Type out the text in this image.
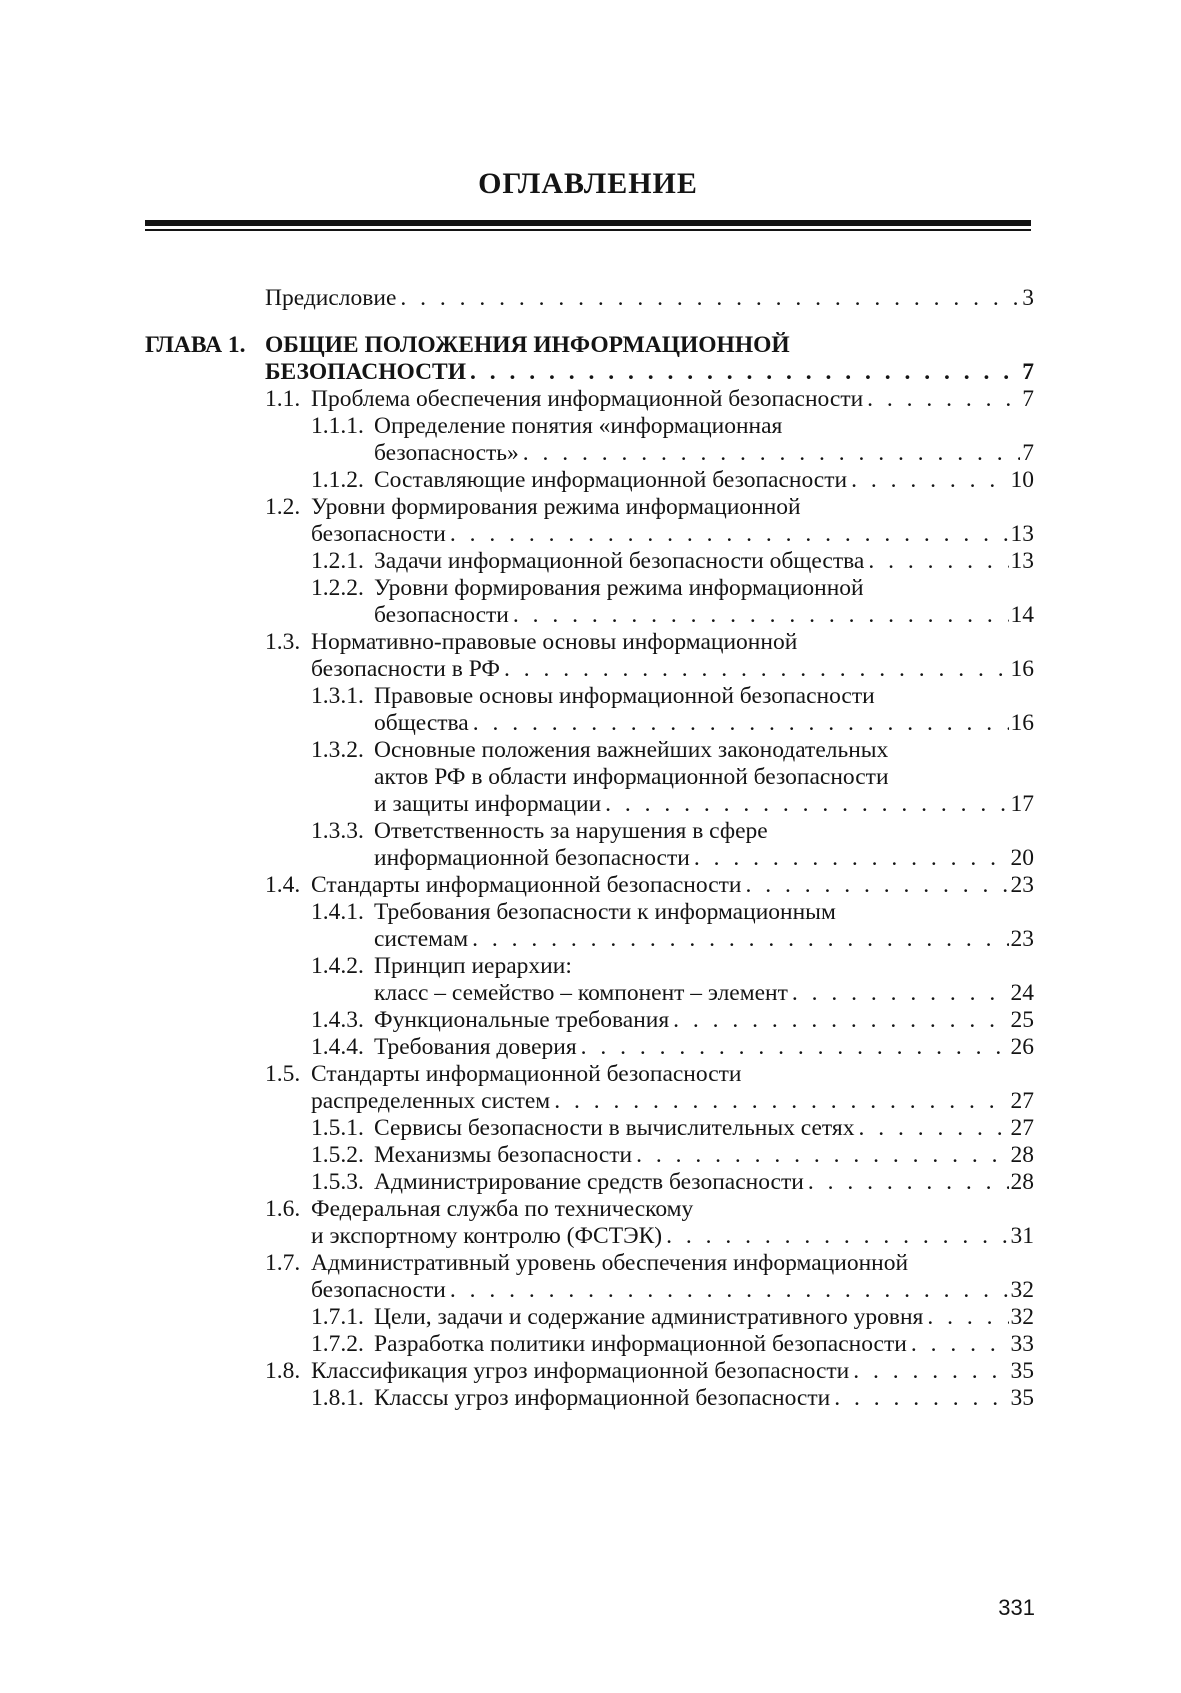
ОГЛАВЛЕНИЕ
Предисловие . . .	3
ГЛАВА 1. ОБЩИЕ ПОЛОЖЕНИЯ ИНФОРМАЦИОННОЙ
БЕЗОПАСНОСТИ . . .	7
1.1. Проблема обеспечения информационной безопасности . . .	7
1.1.1. Определение понятия «информационная
безопасность» . . .	7
1.1.2. Составляющие информационной безопасности . . .	10
1.2. Уровни формирования режима информационной
безопасности . . .	13
1.2.1. Задачи информационной безопасности общества . . .	13
1.2.2. Уровни формирования режима информационной
безопасности . . .	14
1.3. Нормативно-правовые основы информационной
безопасности в РФ . . .	16
1.3.1. Правовые основы информационной безопасности
общества . . .	16
1.3.2. Основные положения важнейших законодательных
актов РФ в области информационной безопасности
и защиты информации . . .	17
1.3.3. Ответственность за нарушения в сфере
информационной безопасности . . .	20
1.4. Стандарты информационной безопасности . . .	23
1.4.1. Требования безопасности к информационным
системам . . .	23
1.4.2. Принцип иерархии:
класс – семейство – компонент – элемент . . .	24
1.4.3. Функциональные требования . . .	25
1.4.4. Требования доверия . . .	26
1.5. Стандарты информационной безопасности
распределенных систем . . .	27
1.5.1. Сервисы безопасности в вычислительных сетях . . .	27
1.5.2. Механизмы безопасности . . .	28
1.5.3. Администрирование средств безопасности . . .	28
1.6. Федеральная служба по техническому
и экспортному контролю (ФСТЭК) . . .	31
1.7. Административный уровень обеспечения информационной
безопасности . . .	32
1.7.1. Цели, задачи и содержание административного уровня . . .	32
1.7.2. Разработка политики информационной безопасности . . .	33
1.8. Классификация угроз информационной безопасности . . .	35
1.8.1. Классы угроз информационной безопасности . . .	35
331
